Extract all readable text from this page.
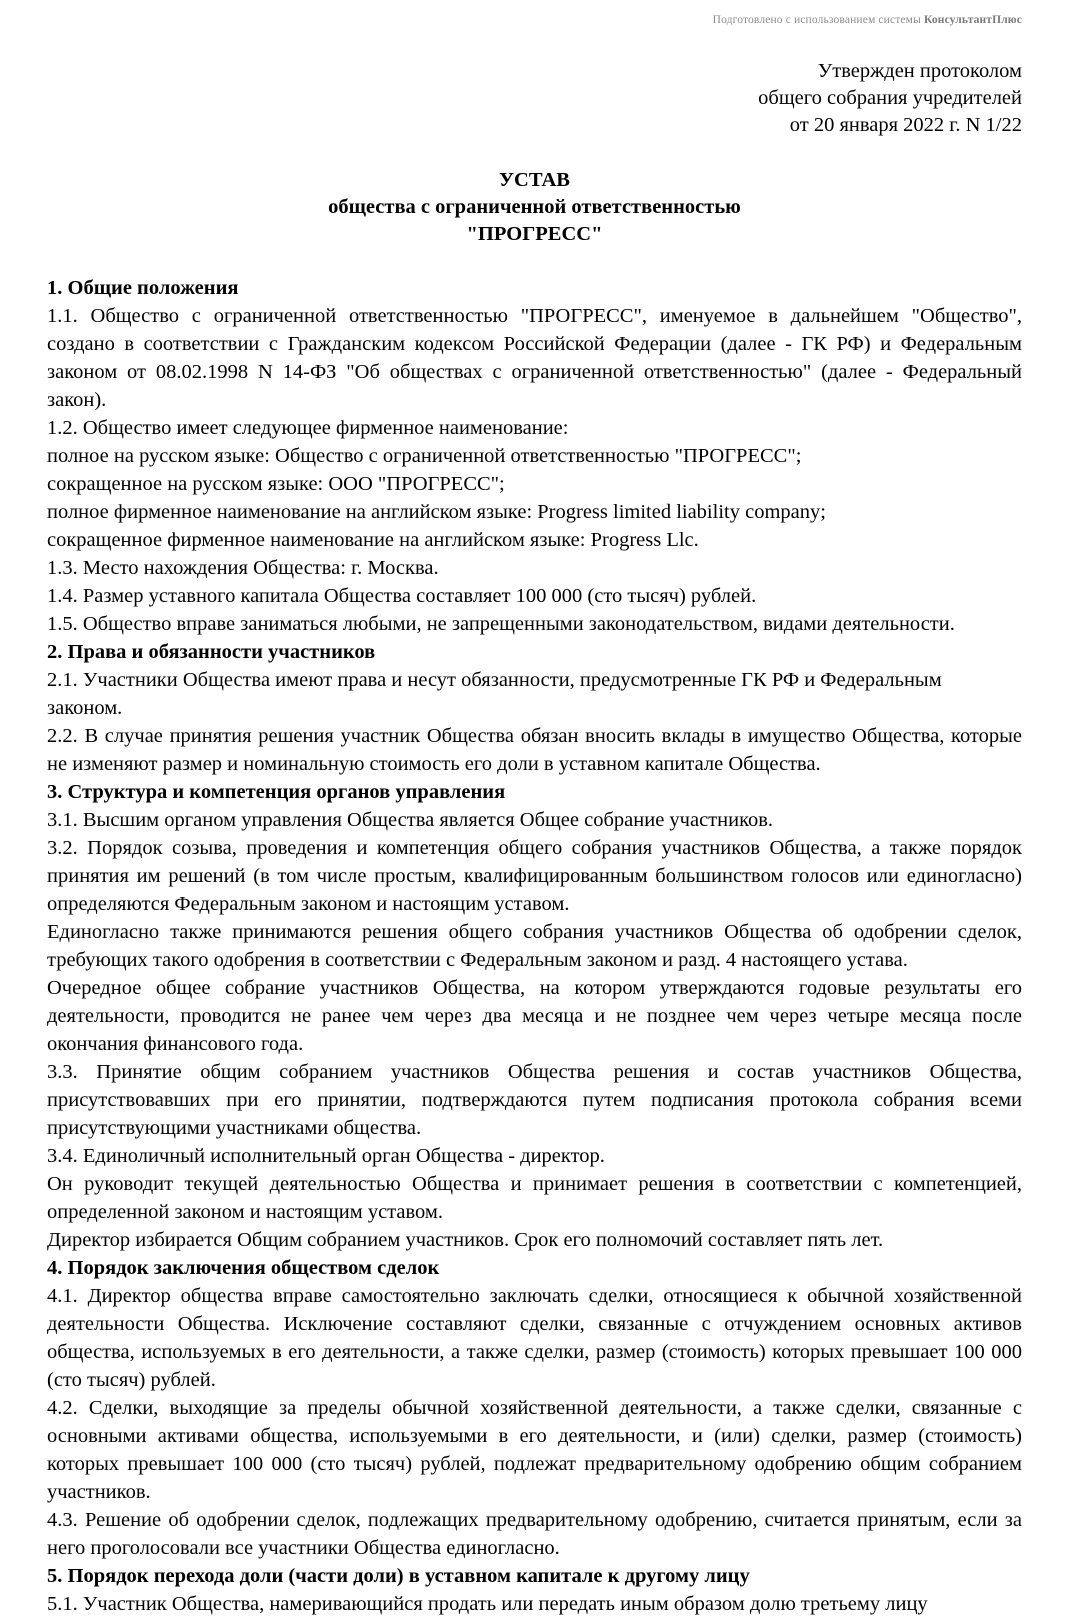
Подготовлено с использованием системы КонсультантПлюс
Утвержден протоколом
общего собрания учредителей
от 20 января 2022 г. N 1/22
УСТАВ
общества с ограниченной ответственностью
"ПРОГРЕСС"
1. Общие положения
1.1. Общество с ограниченной ответственностью "ПРОГРЕСС", именуемое в дальнейшем "Общество", создано в соответствии с Гражданским кодексом Российской Федерации (далее - ГК РФ) и Федеральным законом от 08.02.1998 N 14-ФЗ "Об обществах с ограниченной ответственностью" (далее - Федеральный закон).
1.2. Общество имеет следующее фирменное наименование:
полное на русском языке: Общество с ограниченной ответственностью "ПРОГРЕСС";
сокращенное на русском языке: ООО "ПРОГРЕСС";
полное фирменное наименование на английском языке: Progress limited liability company;
сокращенное фирменное наименование на английском языке: Progress Llc.
1.3. Место нахождения Общества: г. Москва.
1.4. Размер уставного капитала Общества составляет 100 000 (сто тысяч) рублей.
1.5. Общество вправе заниматься любыми, не запрещенными законодательством, видами деятельности.
2. Права и обязанности участников
2.1. Участники Общества имеют права и несут обязанности, предусмотренные ГК РФ и Федеральным законом.
2.2. В случае принятия решения участник Общества обязан вносить вклады в имущество Общества, которые не изменяют размер и номинальную стоимость его доли в уставном капитале Общества.
3. Структура и компетенция органов управления
3.1. Высшим органом управления Общества является Общее собрание участников.
3.2. Порядок созыва, проведения и компетенция общего собрания участников Общества, а также порядок принятия им решений (в том числе простым, квалифицированным большинством голосов или единогласно) определяются Федеральным законом и настоящим уставом.
Единогласно также принимаются решения общего собрания участников Общества об одобрении сделок, требующих такого одобрения в соответствии с Федеральным законом и разд. 4 настоящего устава.
Очередное общее собрание участников Общества, на котором утверждаются годовые результаты его деятельности, проводится не ранее чем через два месяца и не позднее чем через четыре месяца после окончания финансового года.
3.3. Принятие общим собранием участников Общества решения и состав участников Общества, присутствовавших при его принятии, подтверждаются путем подписания протокола собрания всеми присутствующими участниками общества.
3.4. Единоличный исполнительный орган Общества - директор.
Он руководит текущей деятельностью Общества и принимает решения в соответствии с компетенцией, определенной законом и настоящим уставом.
Директор избирается Общим собранием участников. Срок его полномочий составляет пять лет.
4. Порядок заключения обществом сделок
4.1. Директор общества вправе самостоятельно заключать сделки, относящиеся к обычной хозяйственной деятельности Общества. Исключение составляют сделки, связанные с отчуждением основных активов общества, используемых в его деятельности, а также сделки, размер (стоимость) которых превышает 100 000 (сто тысяч) рублей.
4.2. Сделки, выходящие за пределы обычной хозяйственной деятельности, а также сделки, связанные с основными активами общества, используемыми в его деятельности, и (или) сделки, размер (стоимость) которых превышает 100 000 (сто тысяч) рублей, подлежат предварительному одобрению общим собранием участников.
4.3. Решение об одобрении сделок, подлежащих предварительному одобрению, считается принятым, если за него проголосовали все участники Общества единогласно.
5. Порядок перехода доли (части доли) в уставном капитале к другому лицу
5.1. Участник Общества, намеривающийся продать или передать иным образом долю третьему лицу
